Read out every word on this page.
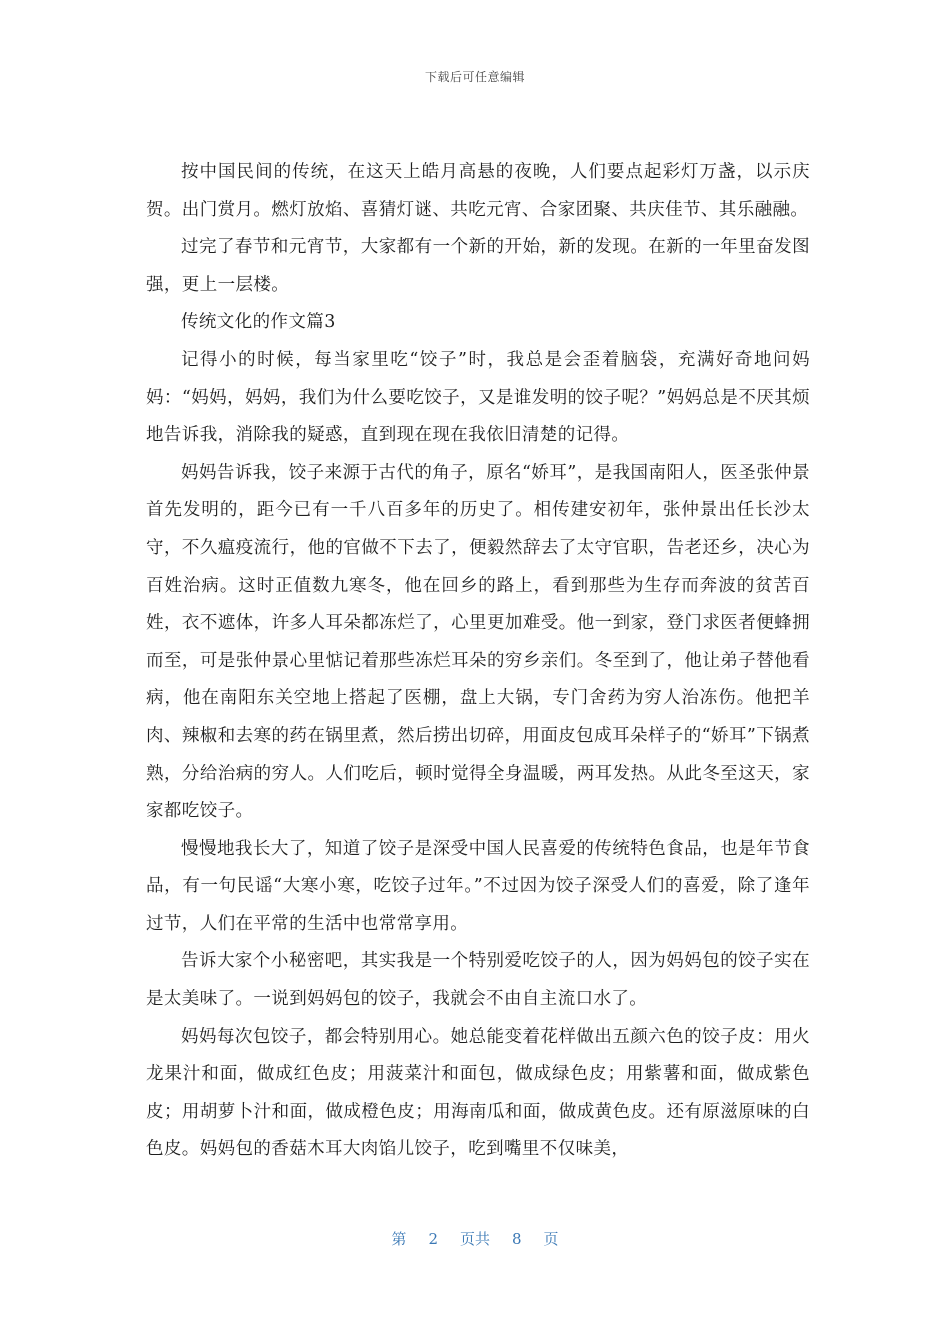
下载后可任意编辑

按中国民间的传统，在这天上皓月高悬的夜晚，人们要点起彩灯万盏，以示庆贺。出门赏月。燃灯放焰、喜猜灯谜、共吃元宵、合家团聚、共庆佳节、其乐融融。

过完了春节和元宵节，大家都有一个新的开始，新的发现。在新的一年里奋发图强，更上一层楼。

传统文化的作文篇3

记得小的时候，每当家里吃“饺子”时，我总是会歪着脑袋，充满好奇地问妈妈：“妈妈，妈妈，我们为什么要吃饺子，又是谁发明的饺子呢？”妈妈总是不厌其烦地告诉我，消除我的疑惑，直到现在现在我依旧清楚的记得。

妈妈告诉我，饺子来源于古代的角子，原名“娇耳”，是我国南阳人，医圣张仲景首先发明的，距今已有一千八百多年的历史了。相传建安初年，张仲景出任长沙太守，不久瘟疫流行，他的官做不下去了，便毅然辞去了太守官职，告老还乡，决心为百姓治病。这时正值数九寒冬，他在回乡的路上，看到那些为生存而奔波的贫苦百姓，衣不遮体，许多人耳朵都冻烂了，心里更加难受。他一到家，登门求医者便蜂拥而至，可是张仲景心里惦记着那些冻烂耳朵的穷乡亲们。冬至到了，他让弟子替他看病，他在南阳东关空地上搭起了医棚，盘上大锅，专门舍药为穷人治冻伤。他把羊肉、辣椒和去寒的药在锅里煮，然后捞出切碎，用面皮包成耳朵样子的“娇耳”下锅煮熟，分给治病的穷人。人们吃后，顿时觉得全身温暖，两耳发热。从此冬至这天，家家都吃饺子。

慢慢地我长大了，知道了饺子是深受中国人民喜爱的传统特色食品，也是年节食品，有一句民谣“大寒小寒，吃饺子过年。”不过因为饺子深受人们的喜爱，除了逢年过节，人们在平常的生活中也常常享用。

告诉大家个小秘密吧，其实我是一个特别爱吃饺子的人，因为妈妈包的饺子实在是太美味了。一说到妈妈包的饺子，我就会不由自主流口水了。

妈妈每次包饺子，都会特别用心。她总能变着花样做出五颜六色的饺子皮：用火龙果汁和面，做成红色皮；用菠菜汁和面包，做成绿色皮；用紫薯和面，做成紫色皮；用胡萝卜汁和面，做成橙色皮；用海南瓜和面，做成黄色皮。还有原滋原味的白色皮。妈妈包的香菇木耳大肉馅儿饺子，吃到嘴里不仅味美，

第 2 页共 8 页
